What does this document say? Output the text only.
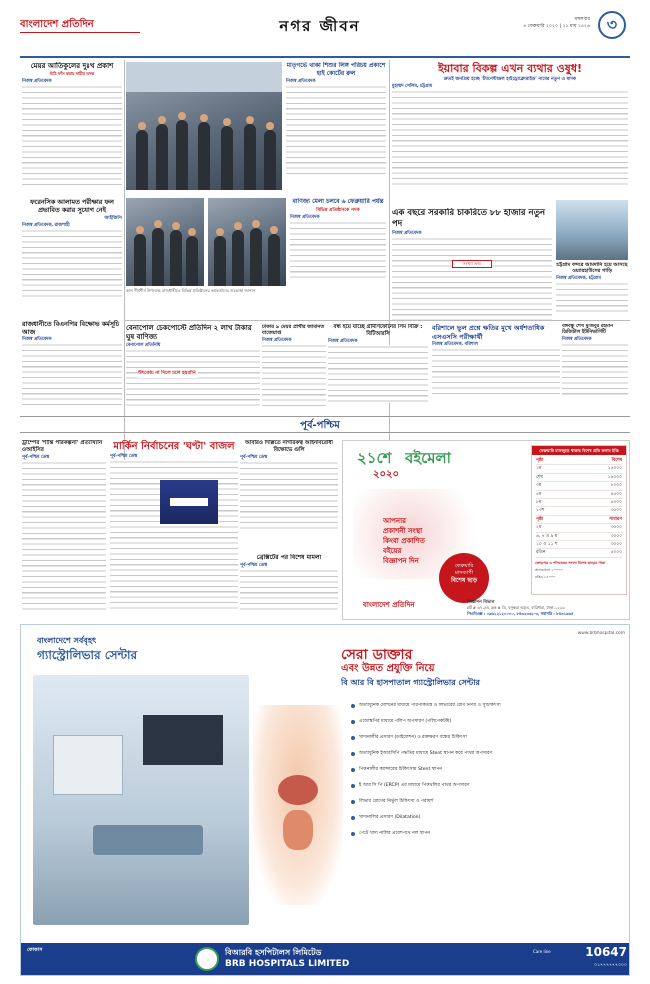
বাংলাদেশ প্রতিদিন	নগর জীবন	মঙ্গলবার
৪ ফেব্রুয়ারি ২০২০ | ২১ মাঘ ১৪২৬	৩
মেয়র আতিকুলের দুঃখ প্রকাশ
চিঠি ফাঁস করায় দায়ীর তদন্ত
নিজস্ব প্রতিবেদক
মাতৃগর্ভে থাকা শিশুর লিঙ্গ পরিচয় প্রকাশে হাই কোর্টের রুল
নিজস্ব প্রতিবেদক
ইয়াবার বিকল্প এখন ব্যথার ওষুধ!
দ্রুতই জনপ্রিয় হচ্ছে 'ট্যাপেন্টাডল হাইড্রোক্লোরাইড' নামের নতুন এ মাদক
মুহাম্মদ সেলিম, চট্টগ্রাম
ফরেনসিক আলামত পরীক্ষার ফল প্রভাবিত করার সুযোগ নেই
আইজিপি
নিজস্ব প্রতিবেদক, রাজশাহী
বাণিজ্য মেলা চলবে ৬ ফেব্রুয়ারি পর্যন্ত
বিভিন্ন প্রতিষ্ঠানকে পদক
নিজস্ব প্রতিবেদক	এক বছরে সরকারি চাকরিতে ৮৮ হাজার নতুন পদ
নিজস্ব প্রতিবেদক
সংখ্যা তথ্য	চট্টগ্রাম বন্দরে আমদানি হয়ে আসছে ওয়্যারহাউসের গাড়ি
নিজস্ব প্রতিবেদক, চট্টগ্রাম
কাল শীর্ষশীর্ষ উপলক্ষে রাজধানীতে বিভিন্ন প্রতিষ্ঠানের কর্মকর্তাদের শুভেচ্ছা জানান
রাজধানীতে বিএনপির বিক্ষোভ কর্মসূচি আজ
নিজস্ব প্রতিবেদক
বেনাপোল চেকপোস্টে প্রতিদিন ২ লাখ টাকার ঘুষ বাণিজ্য
বেনাপোল প্রতিনিধি
উৎকোচ না দিলে চলে হয়রানি
ঢাকার ৯ মেয়র প্রার্থীর জামানত বাজেয়াপ্ত
নিজস্ব প্রতিবেদক
বন্ধ হয়ে যাচ্ছে গ্রামীণফোনের সিম বিক্রি : বিটিআরসি
নিজস্ব প্রতিবেদক
বরিশালে ভুল প্রশ্নে ক্ষতির মুখে অর্ধশতাধিক এসএসসি পরীক্ষার্থী
নিজস্ব প্রতিবেদক, বরিশাল
বঙ্গবন্ধু শেখ মুজিবুর রহমান ডিজিটাল ইউনিভার্সিটি
নিজস্ব প্রতিবেদক
পূর্ব-পশ্চিম
ট্রাম্পের 'শান্তি পরিকল্পনা' প্রত্যাখ্যান ওআইসির
পূর্ব-পশ্চিম ডেস্ক
মার্কিন নির্বাচনের 'ঘণ্টা' বাজল
পূর্ব-পশ্চিম ডেস্ক
আবারও দিল্লিতে নাগরিকত্ব আইনবিরোধী বিক্ষোভে গুলি
পূর্ব-পশ্চিম ডেস্ক
ব্রেক্সিটের পর বিশেষ মামলা
পূর্ব-পশ্চিম ডেস্ক
২১শে বইমেলা
২০২০
আপনার
প্রকাশনী সংস্থা
কিংবা প্রকাশিত
বইয়ের
বিজ্ঞাপন দিন
ফেব্রুয়ারি
মাসব্যাপী
বিশেষ ছাড়
বাংলাদেশ প্রতিদিন	বিজ্ঞাপন বিভাগ
প্লট # ৩৭১/এ, ব্লক # ডি, বসুন্ধরা আ/এ, বারিধারা, ঢাকা-১২২৯
পিএবিএক্স : ০৯৬১২১২০০০০, ৮৪৩২৩৬১-৩, সরাসরি : ৮৪৩১৯৬৫
ফেব্রুয়ারি মাসজুড়ে থাকার বিশেষ প্রতি কলাম ইঞ্চি
পৃষ্ঠা	বিশেষ
১ম	১৫০০০
শেষ	১৪০০০
৩য়	৮০০০
৫ম	৪৫০০
৮ম	৪০০০
১৩শ	৩৫০০
পৃষ্ঠা	সাধারণ
২য়	৩৫০০
৬, ৭ ও ৯ ম	৩০০০
১০ ও ১১ শ	৩০০০
রঙিন	৫০০০
ক্রোড়পত্র ও শনিবারের সংখ্যা বিশেষ ছাড়ের পাতা
সাদাকালো ১০০০০
রঙিন ১৫০০০
বাংলাদেশে সর্ববৃহৎ
গ্যাস্ট্রোলিভার সেন্টার
www.brbhospital.com
সেরা ডাক্তার
এবং উন্নত প্রযুক্তি নিয়ে
বি আর বি হাসপাতাল গ্যাস্ট্রোলিভার সেন্টার
অত্যাধুনিক মেশিনের মাধ্যমে পরিপাকতন্ত্র ও লিভারের রোগ নির্ণয় ও সুচিকিৎসা
এন্ডোস্কপির মাধ্যমে পলিপ অপসারণ (পলিপেকটমি)
খাদ্যনালীর প্রসারণ (ডাইলেশন) ও রক্তক্ষরণ বন্ধের চিকিৎসা
অত্যাধুনিক ইআরসিপি পদ্ধতির মাধ্যমে Stent স্থাপন করে পাথর অপসারণ
পিত্তনালীর ক্যান্সারের চিকিৎসায় Stent স্থাপন
ই আর সি পি (ERCP) এর মাধ্যমে পিত্তথলির পাথর অপসারণ
লিভার রোগের নির্ভুল চিকিৎসা ও পরামর্শ
খাদ্যনালির প্রসারণ (Dilatation)
পেটে খাদ্য নালির প্রবেশপথে নল স্থাপন
বিআরবি হসপিটালস লিমিটেড
BRB HOSPITALS LIMITED
Care line	10647
০১৭৭৭৭৭৭০০০
ফোকাস
